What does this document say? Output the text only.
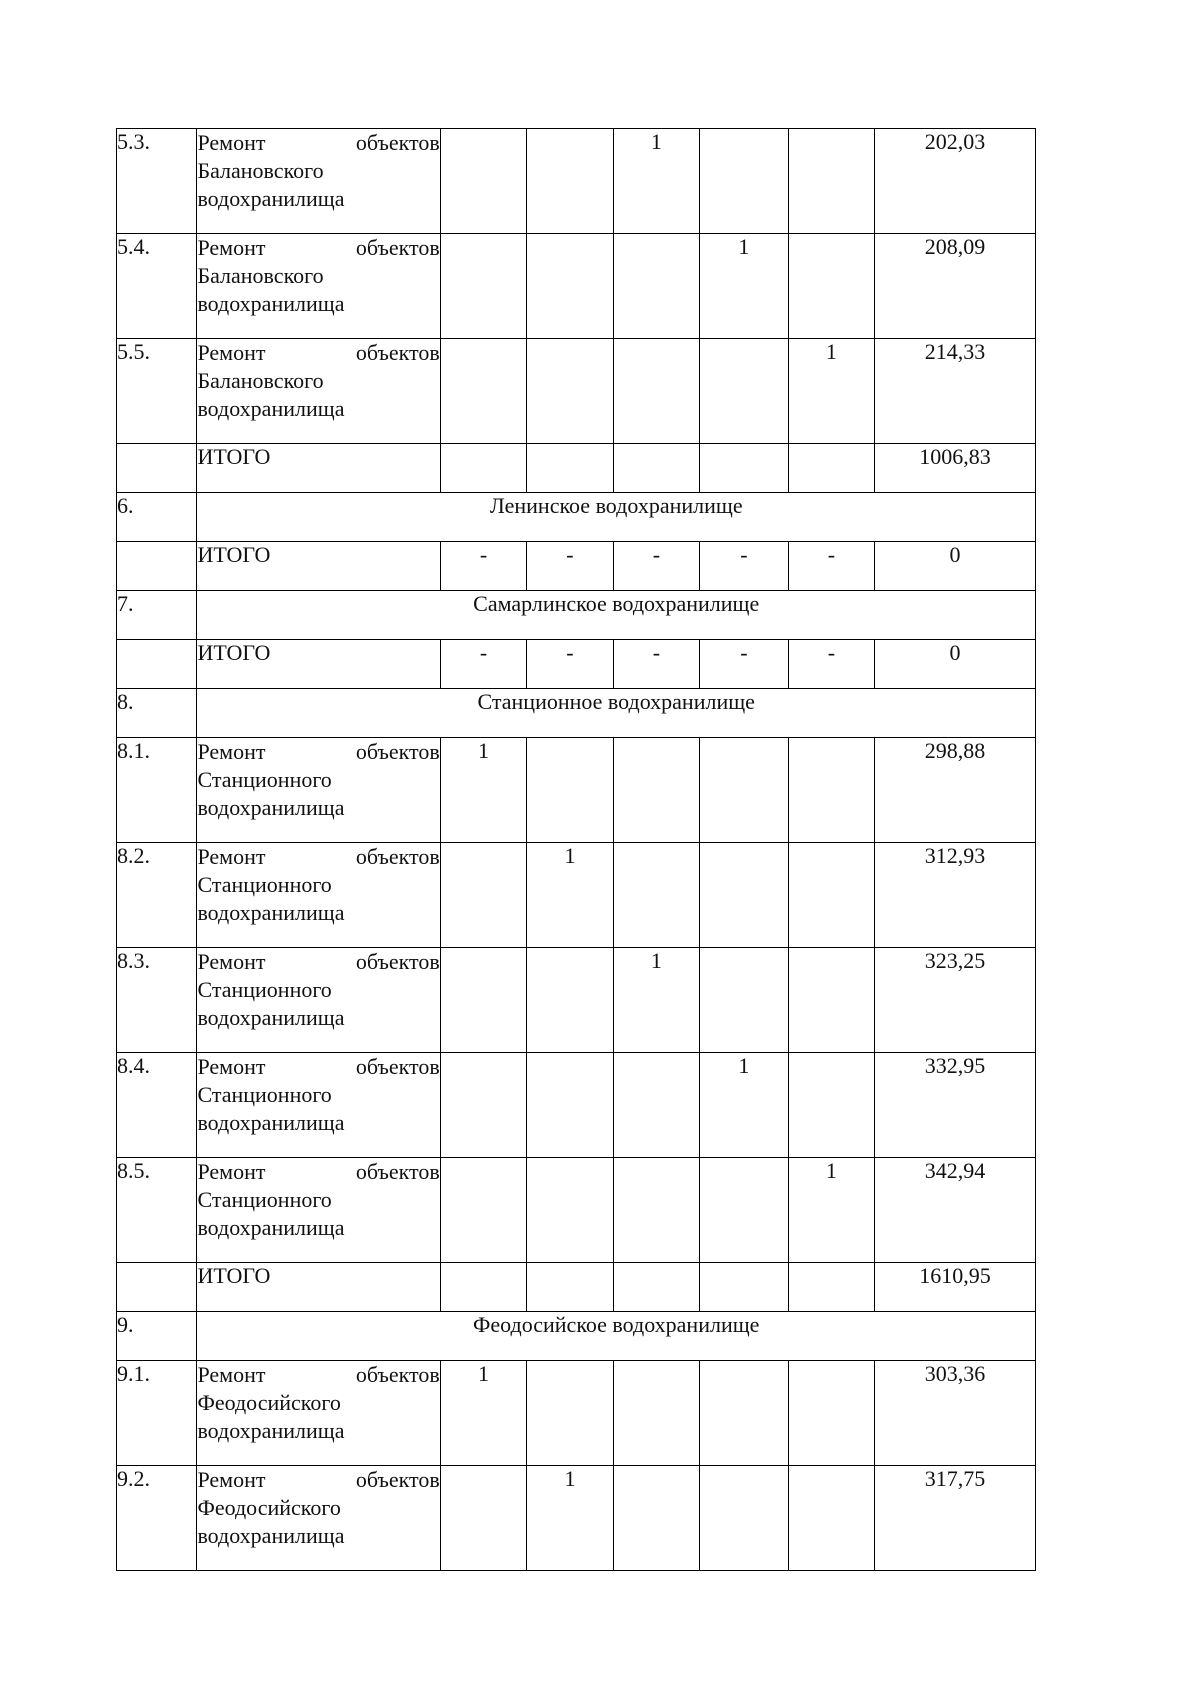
5.3.	Ремонт объектов
Балановского
водохранилища			1			202,03
5.4.	Ремонт объектов
Балановского
водохранилища				1		208,09
5.5.	Ремонт объектов
Балановского
водохранилища					1	214,33
	ИТОГО						1006,83
6.	Ленинское водохранилище						
	ИТОГО	-	-	-	-	-	0
7.	Самарлинское водохранилище						
	ИТОГО	-	-	-	-	-	0
8.	Станционное водохранилище						
8.1.	Ремонт объектов
Станционного
водохранилища	1					298,88
8.2.	Ремонт объектов
Станционного
водохранилища		1				312,93
8.3.	Ремонт объектов
Станционного
водохранилища			1			323,25
8.4.	Ремонт объектов
Станционного
водохранилища				1		332,95
8.5.	Ремонт объектов
Станционного
водохранилища					1	342,94
	ИТОГО						1610,95
9.	Феодосийское водохранилище						
9.1.	Ремонт объектов
Феодосийского
водохранилища	1					303,36
9.2.	Ремонт объектов
Феодосийского
водохранилища		1				317,75
